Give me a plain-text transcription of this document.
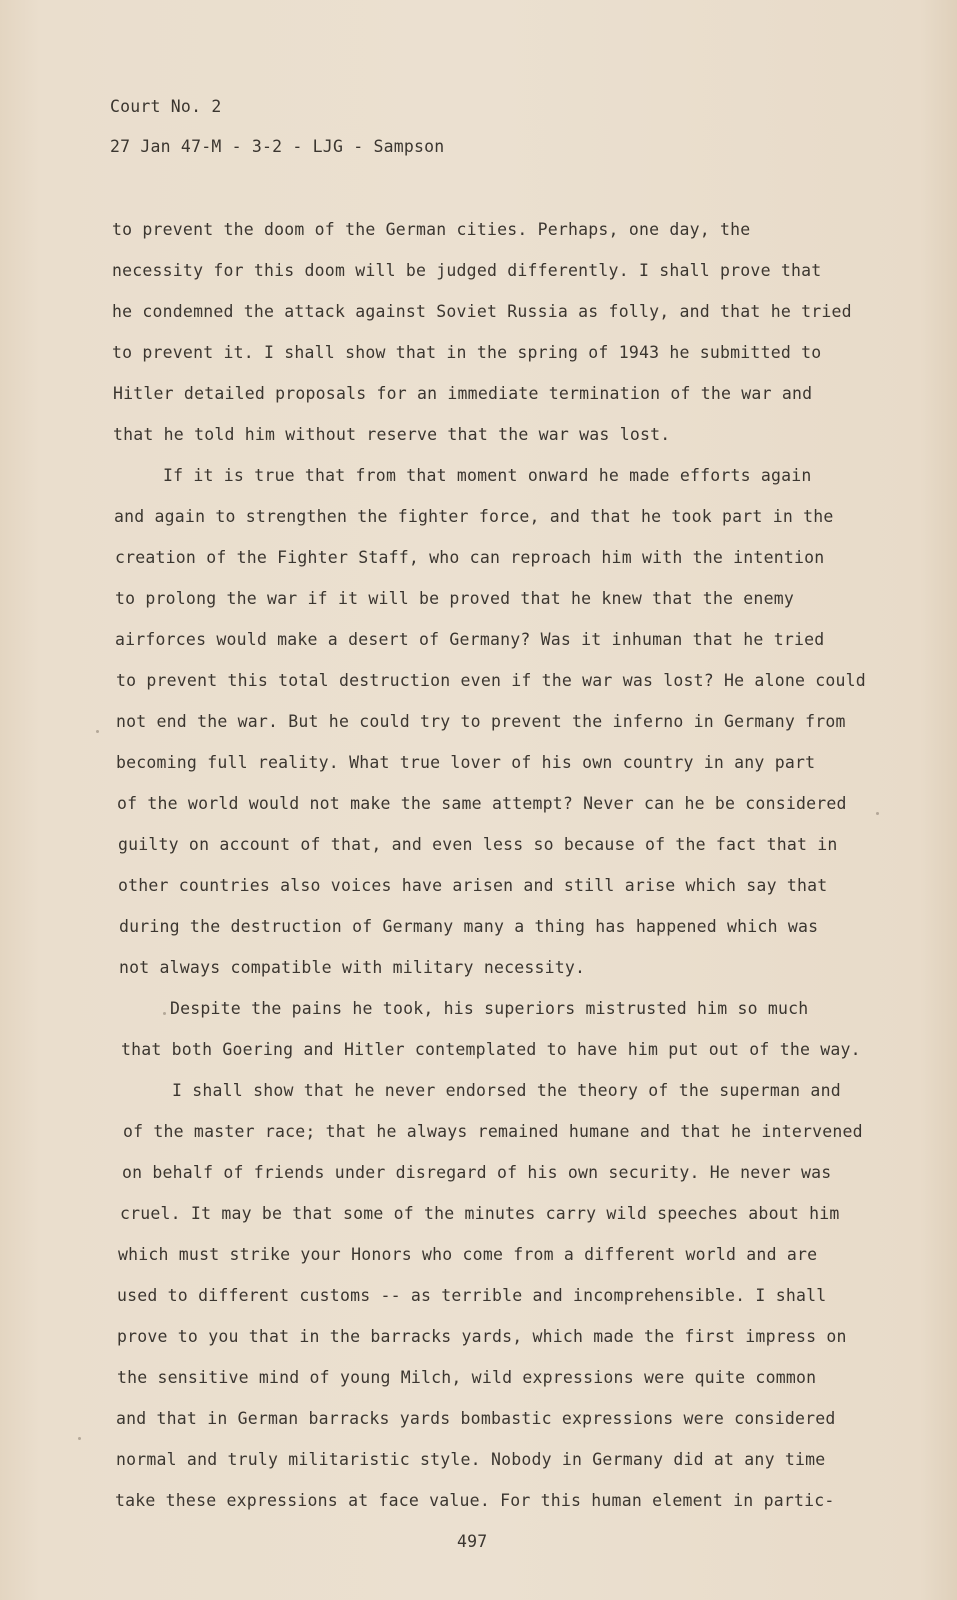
Court No. 2
27 Jan 47-M - 3-2 - LJG - Sampson
to prevent the doom of the German cities. Perhaps, one day, the
necessity for this doom will be judged differently. I shall prove that
he condemned the attack against Soviet Russia as folly, and that he tried
to prevent it. I shall show that in the spring of 1943 he submitted to
Hitler detailed proposals for an immediate termination of the war and
that he told him without reserve that the war was lost.
If it is true that from that moment onward he made efforts again
and again to strengthen the fighter force, and that he took part in the
creation of the Fighter Staff, who can reproach him with the intention
to prolong the war if it will be proved that he knew that the enemy
airforces would make a desert of Germany? Was it inhuman that he tried
to prevent this total destruction even if the war was lost? He alone could
not end the war. But he could try to prevent the inferno in Germany from
becoming full reality. What true lover of his own country in any part
of the world would not make the same attempt? Never can he be considered
guilty on account of that, and even less so because of the fact that in
other countries also voices have arisen and still arise which say that
during the destruction of Germany many a thing has happened which was
not always compatible with military necessity.
Despite the pains he took, his superiors mistrusted him so much
that both Goering and Hitler contemplated to have him put out of the way.
I shall show that he never endorsed the theory of the superman and
of the master race; that he always remained humane and that he intervened
on behalf of friends under disregard of his own security. He never was
cruel. It may be that some of the minutes carry wild speeches about him
which must strike your Honors who come from a different world and are
used to different customs -- as terrible and incomprehensible. I shall
prove to you that in the barracks yards, which made the first impress on
the sensitive mind of young Milch, wild expressions were quite common
and that in German barracks yards bombastic expressions were considered
normal and truly militaristic style. Nobody in Germany did at any time
take these expressions at face value. For this human element in partic-
497
